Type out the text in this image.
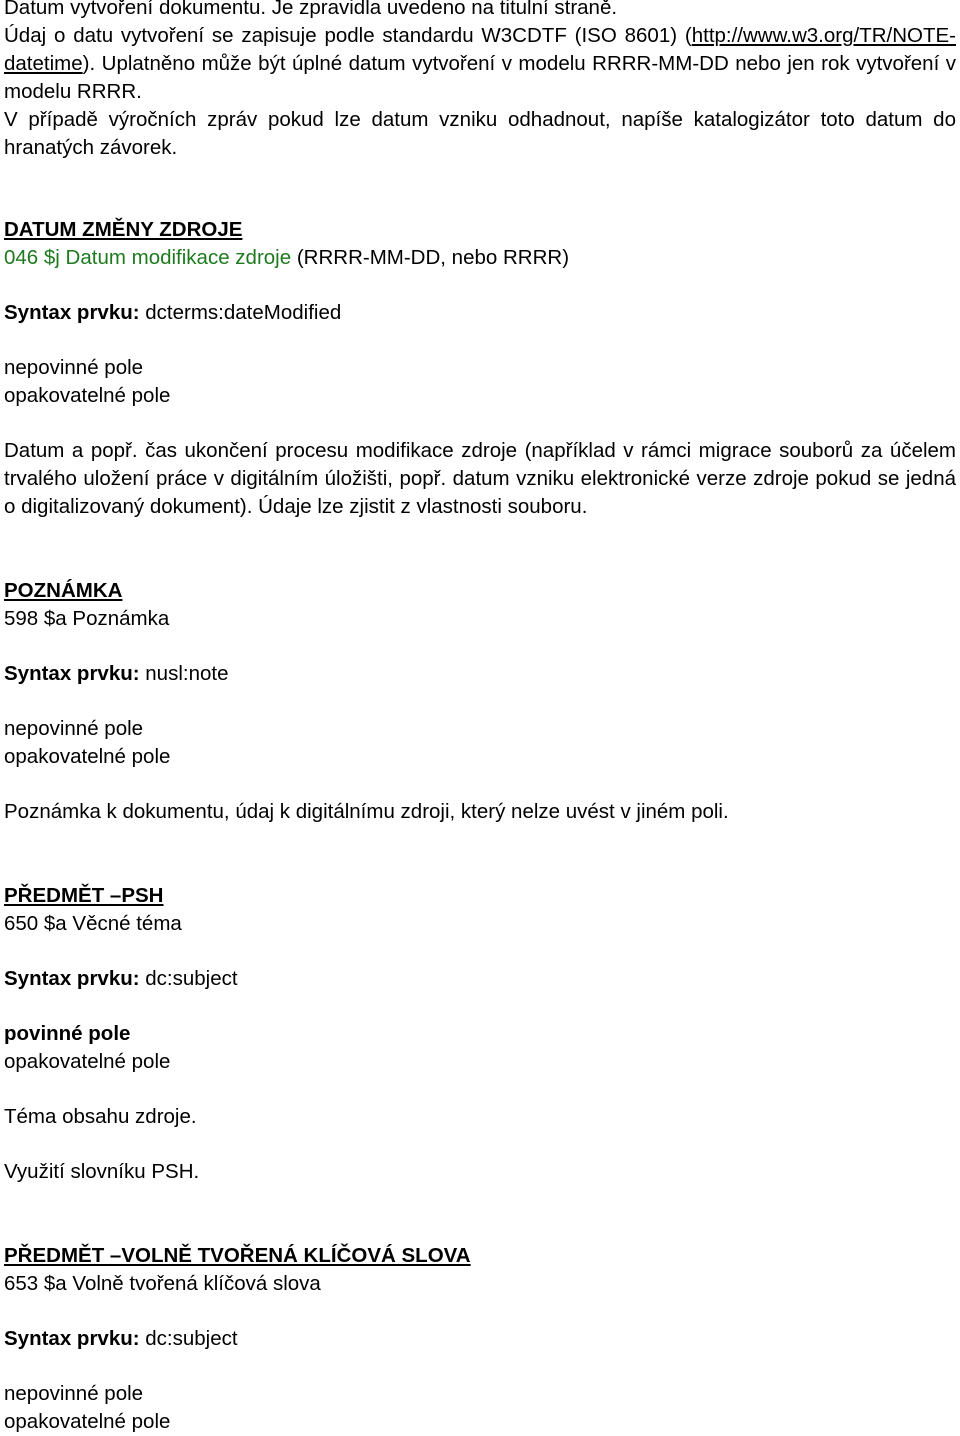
Datum vytvoření dokumentu. Je zpravidla uvedeno na titulní straně.

Údaj o datu vytvoření se zapisuje podle standardu W3CDTF (ISO 8601) (http://www.w3.org/TR/NOTE-datetime). Uplatněno může být úplné datum vytvoření v modelu RRRR-MM-DD nebo jen rok vytvoření v modelu RRRR.

V případě výročních zpráv pokud lze datum vzniku odhadnout, napíše katalogizátor toto datum do hranatých závorek.

DATUM ZMĚNY ZDROJE

046 $j Datum modifikace zdroje (RRRR-MM-DD, nebo RRRR)

Syntax prvku: dcterms:dateModified

nepovinné pole

opakovatelné pole

Datum a popř. čas ukončení procesu modifikace zdroje (například v rámci migrace souborů za účelem trvalého uložení práce v digitálním úložišti, popř. datum vzniku elektronické verze zdroje pokud se jedná o digitalizovaný dokument). Údaje lze zjistit z vlastnosti souboru.

POZNÁMKA

598 $a Poznámka

Syntax prvku: nusl:note

nepovinné pole

opakovatelné pole

Poznámka k dokumentu, údaj k digitálnímu zdroji, který nelze uvést v jiném poli.

PŘEDMĚT –PSH

650 $a Věcné téma

Syntax prvku: dc:subject

povinné pole

opakovatelné pole

Téma obsahu zdroje.

Využití slovníku PSH.

PŘEDMĚT –VOLNĚ TVOŘENÁ KLÍČOVÁ SLOVA

653 $a Volně tvořená klíčová slova

Syntax prvku: dc:subject

nepovinné pole

opakovatelné pole
